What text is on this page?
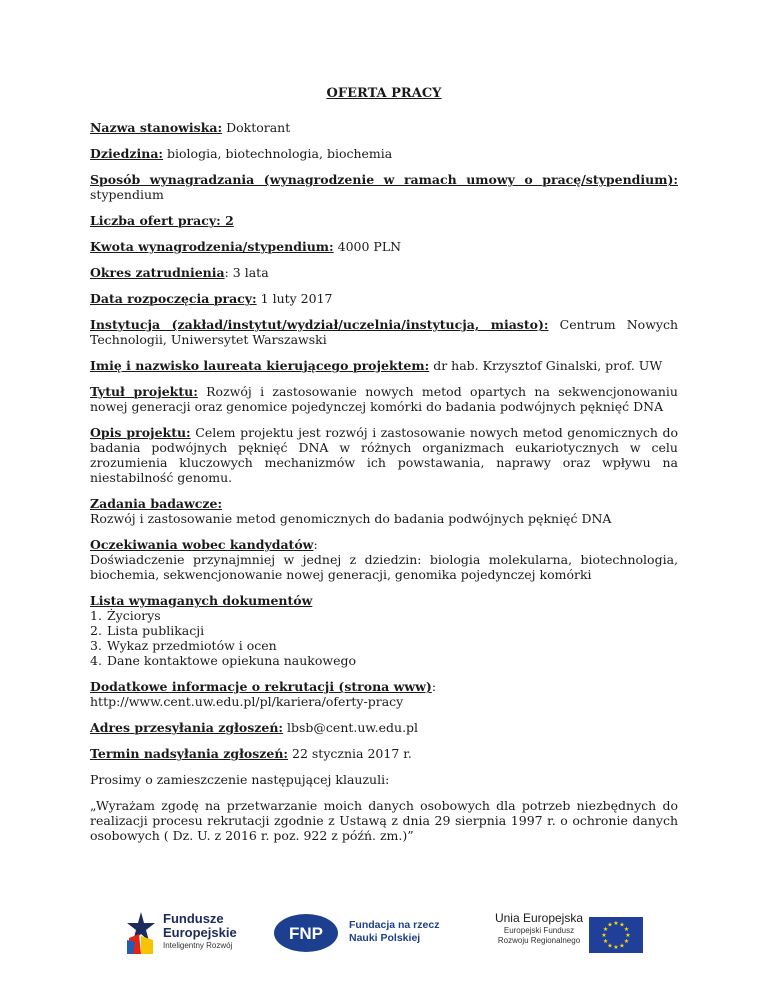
OFERTA PRACY
Nazwa stanowiska: Doktorant
Dziedzina: biologia, biotechnologia, biochemia
Sposób wynagradzania (wynagrodzenie w ramach umowy o pracę/stypendium): stypendium
Liczba ofert pracy: 2
Kwota wynagrodzenia/stypendium: 4000 PLN
Okres zatrudnienia: 3 lata
Data rozpoczęcia pracy: 1 luty 2017
Instytucja (zakład/instytut/wydział/uczelnia/instytucja, miasto): Centrum Nowych Technologii, Uniwersytet Warszawski
Imię i nazwisko laureata kierującego projektem: dr hab. Krzysztof Ginalski, prof. UW
Tytuł projektu: Rozwój i zastosowanie nowych metod opartych na sekwencjonowaniu nowej generacji oraz genomice pojedynczej komórki do badania podwójnych pęknięć DNA
Opis projektu: Celem projektu jest rozwój i zastosowanie nowych metod genomicznych do badania podwójnych pęknięć DNA w różnych organizmach eukariotycznych w celu zrozumienia kluczowych mechanizmów ich powstawania, naprawy oraz wpływu na niestabilność genomu.
Zadania badawcze:
Rozwój i zastosowanie metod genomicznych do badania podwójnych pęknięć DNA
Oczekiwania wobec kandydatów:
Doświadczenie przynajmniej w jednej z dziedzin: biologia molekularna, biotechnologia, biochemia, sekwencjonowanie nowej generacji, genomika pojedynczej komórki
Lista wymaganych dokumentów
1. Życiorys
2. Lista publikacji
3. Wykaz przedmiotów i ocen
4. Dane kontaktowe opiekuna naukowego
Dodatkowe informacje o rekrutacji (strona www):
http://www.cent.uw.edu.pl/pl/kariera/oferty-pracy
Adres przesyłania zgłoszeń: lbsb@cent.uw.edu.pl
Termin nadsyłania zgłoszeń: 22 stycznia 2017 r.
Prosimy o zamieszczenie następującej klauzuli:
„Wyrażam zgodę na przetwarzanie moich danych osobowych dla potrzeb niezbędnych do realizacji procesu rekrutacji zgodnie z Ustawą z dnia 29 sierpnia 1997 r. o ochronie danych osobowych ( Dz. U. z 2016 r. poz. 922 z późń. zm.)”
Fundusze
Europejskie
Inteligentny Rozwój
FNP Fundacja na rzecz
Nauki Polskiej
Unia Europejska
Europejski Fundusz
Rozwoju Regionalnego
★ ★
★
★
★
★
★
★
★
★
★
★
